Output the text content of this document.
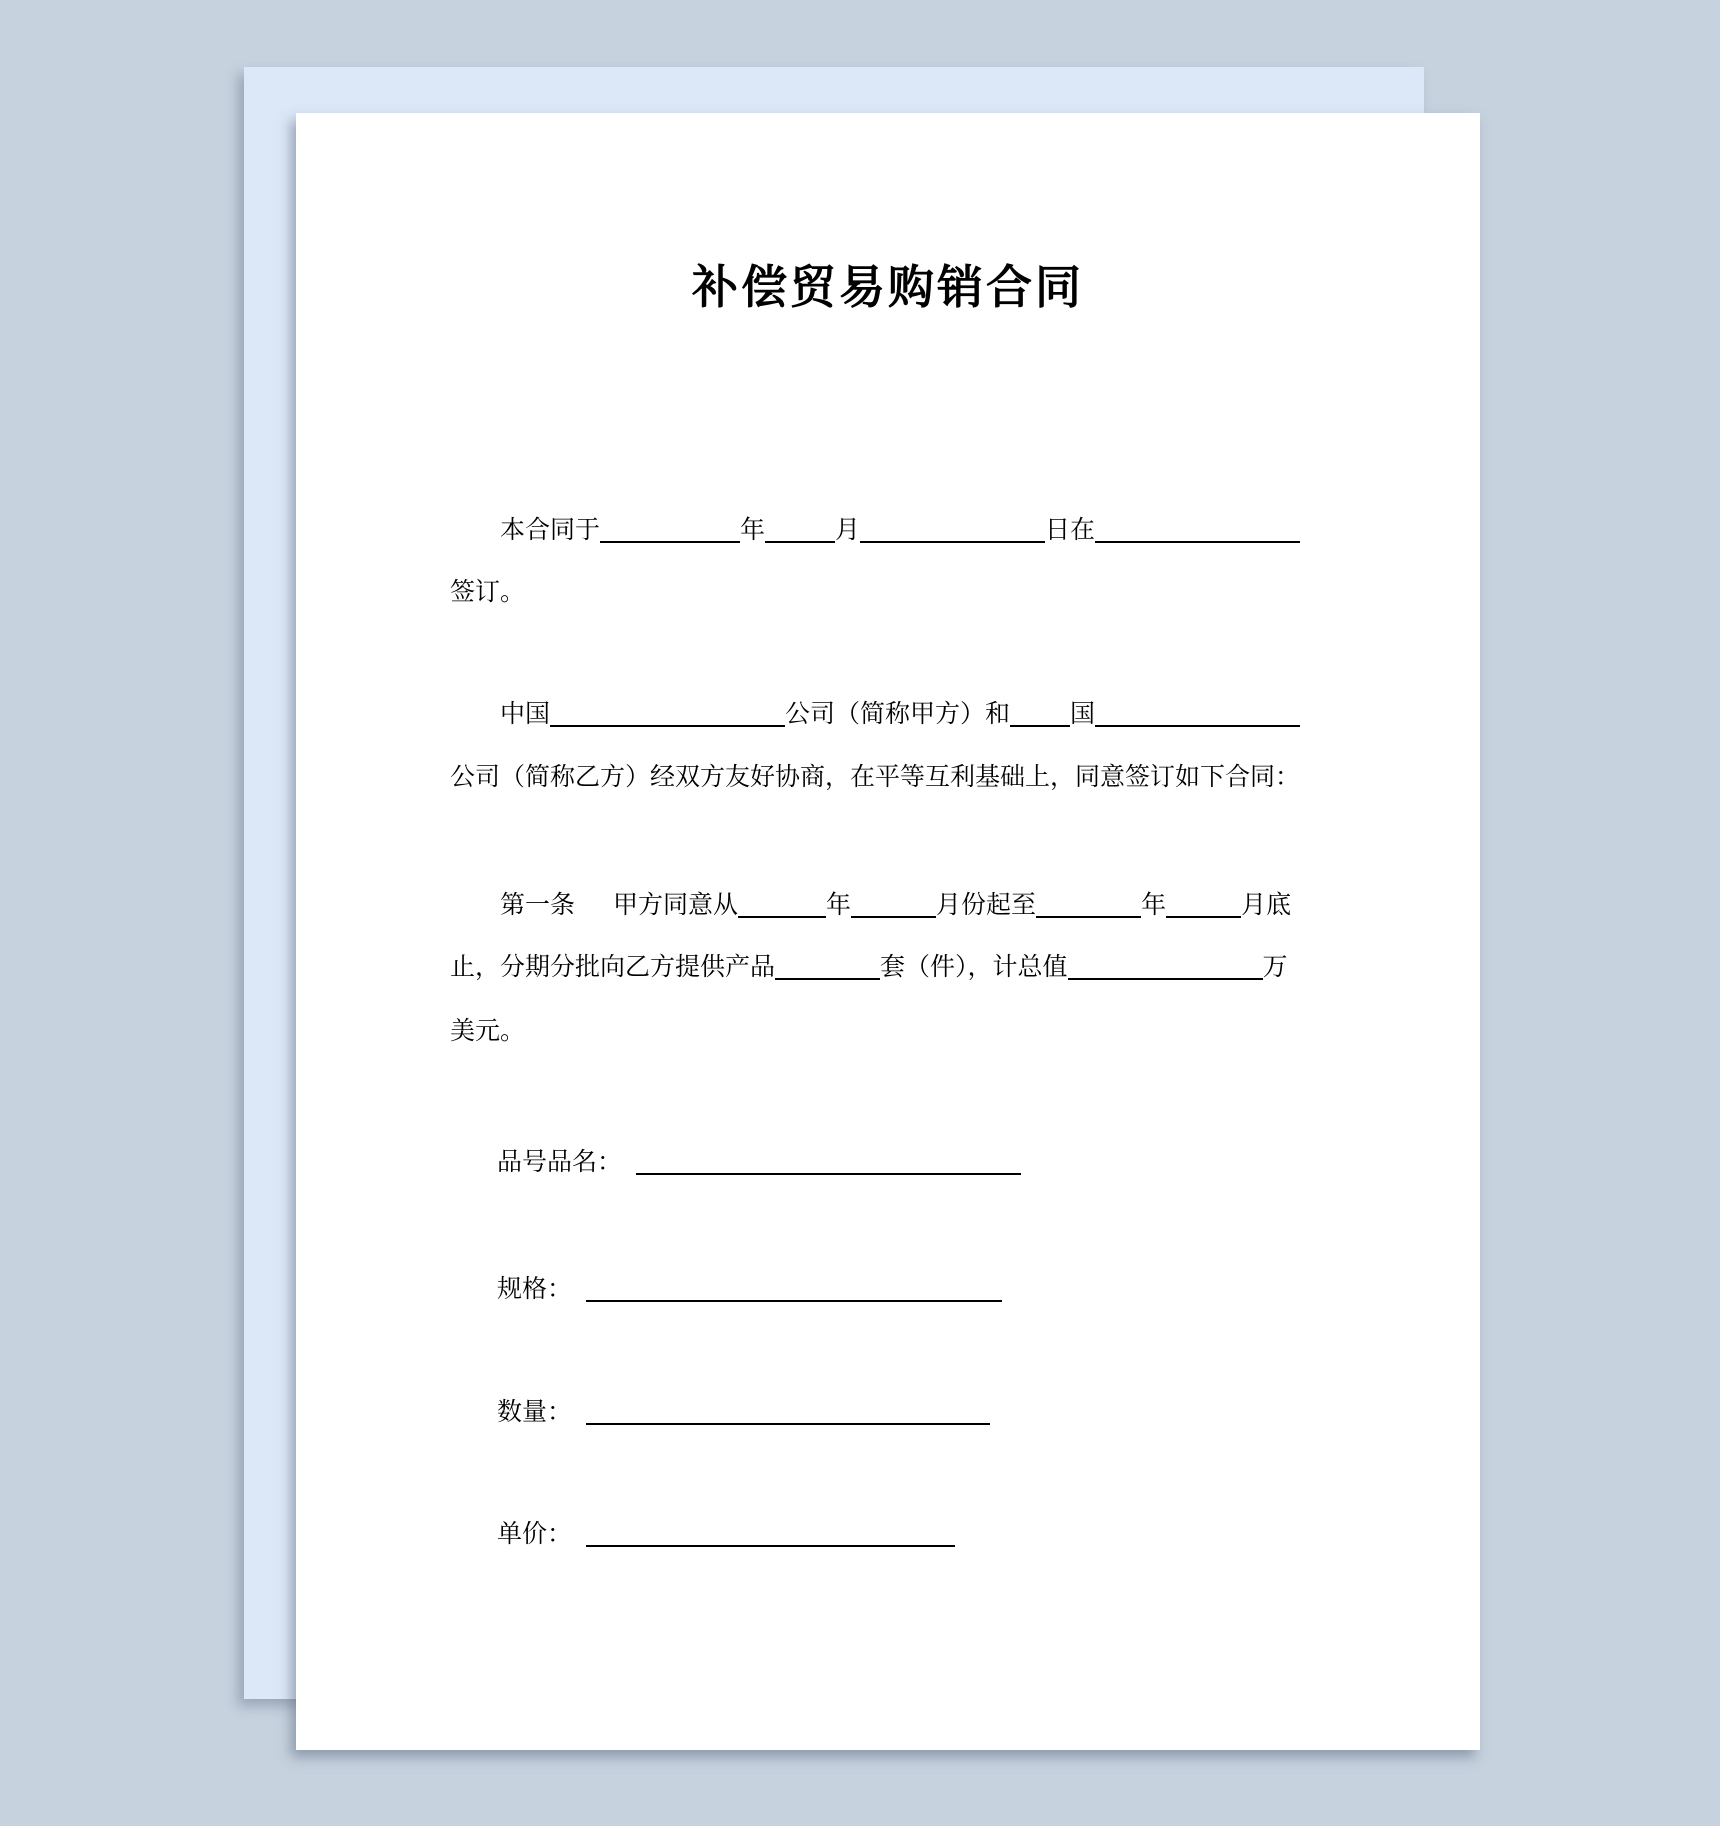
补偿贸易购销合同
本合同于	年	月	日在
签订。
中国	公司（简称甲方）和 国
公司（简称乙方）经双方友好协商，在平等互利基础上，同意签订如下合同：
第一条 甲方同意从	年	月份起至	年	月底
止，分期分批向乙方提供产品	套（件），计总值	万
美元。
品号品名：
规格：
数量：
单价：
